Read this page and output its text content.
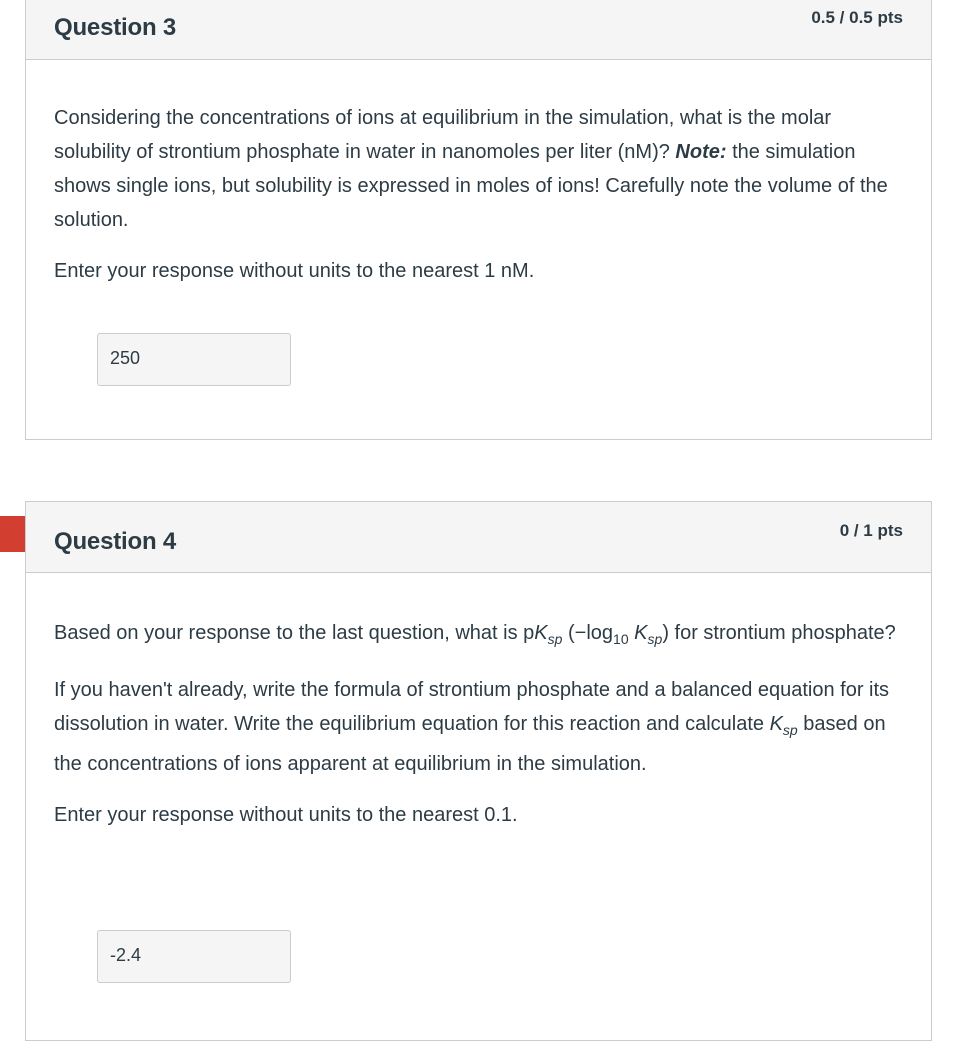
Question 3	0.5 / 0.5 pts

Considering the concentrations of ions at equilibrium in the simulation, what is the molar solubility of strontium phosphate in water in nanomoles per liter (nM)? Note: the simulation shows single ions, but solubility is expressed in moles of ions! Carefully note the volume of the solution.

Enter your response without units to the nearest 1 nM.

250
Question 4	0 / 1 pts

Based on your response to the last question, what is $pK_{sp}$ ($-\log_{10}$ $K_{sp}$) for strontium phosphate?

If you haven't already, write the formula of strontium phosphate and a balanced equation for its dissolution in water. Write the equilibrium equation for this reaction and calculate $K_{sp}$ based on the concentrations of ions apparent at equilibrium in the simulation.

Enter your response without units to the nearest 0.1.

-2.4
